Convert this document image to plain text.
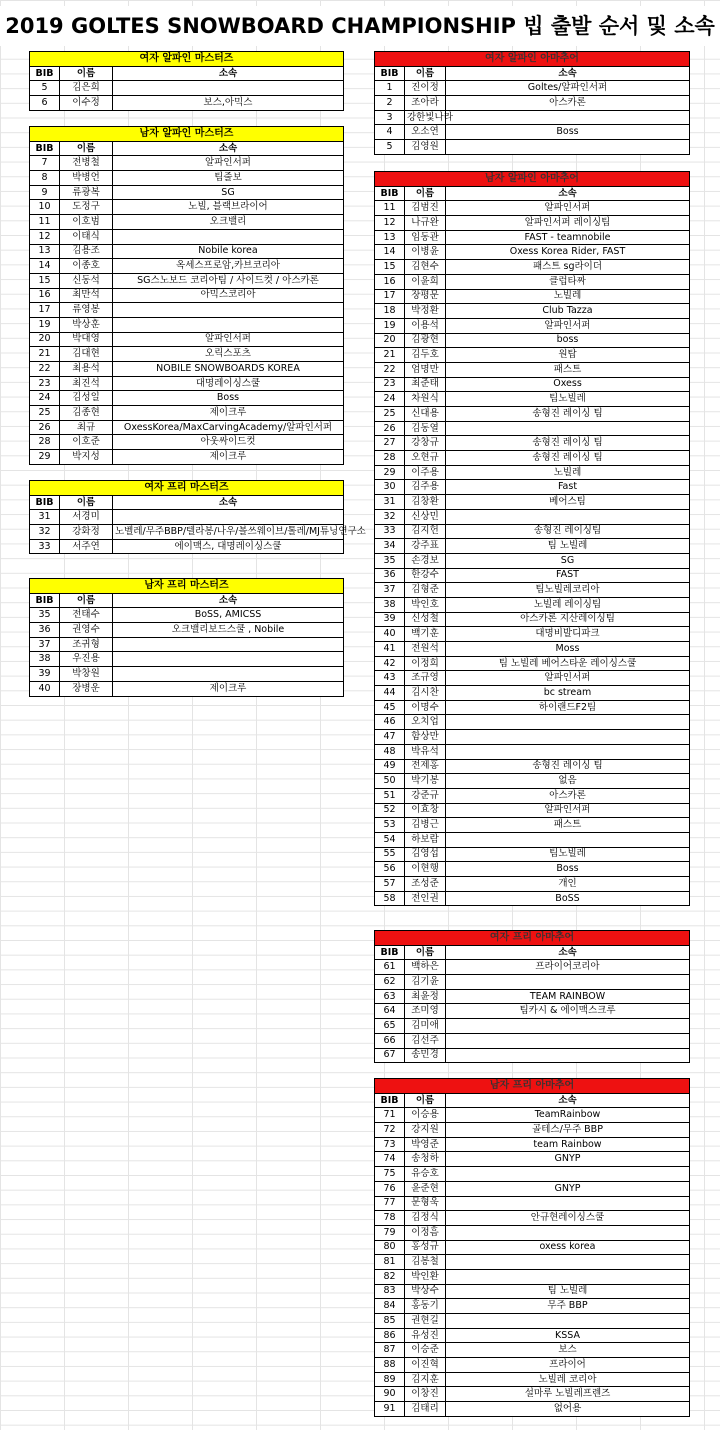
2019 GOLTES SNOWBOARD CHAMPIONSHIP 빕 출발 순서 및 소속
여자 알파인 마스터즈		
BIB	이름	소속
5	김은희	
6	이수정	보스,아믹스
남자 알파인 마스터즈		
BIB	이름	소속
7	전병철	알파인서퍼
8	박병언	팀줄보
9	류광복	SG
10	도정구	노빌, 블랙브라이어
11	이호범	오크밸리
12	이태식	
13	김용조	Nobile korea
14	이종호	옥세스프로암,카브코리아
15	신동석	SG스노보드 코리아팀 / 사이드컷 / 아스카론
16	최만석	아믹스코리아
17	류영봉	
19	박상훈	
20	박대영	알파인서퍼
21	김대현	오릭스포츠
22	최용석	NOBILE SNOWBOARDS KOREA
23	최진석	대명레이싱스쿨
24	김성일	Boss
25	김종현	제이크루
26	최규	OxessKorea/MaxCarvingAcademy/알파인서퍼
28	이호준	아웃싸이드컷
29	박지성	제이크루
여자 프리 마스터즈		
BIB	이름	소속
31	서경미	
32	강화정	노벨레/무주BBP/텔라봉/나우/볼쓰웨이브/톨레/MJ튜닝연구소
33	서주연	에이맥스, 대명레이싱스쿨
남자 프리 마스터즈		
BIB	이름	소속
35	전태수	BoSS, AMICSS
36	권영수	오크밸리보드스쿨 , Nobile
37	조귀형	
38	우진용	
39	박창원	
40	장병운	제이크루
여자 알파인 아마추어		
BIB	이름	소속
1	진이정	Goltes/알파인서퍼
2	조아라	아스카론
3	강한빛나라	
4	오소연	Boss
5	김영원	
남자 알파인 아마추어		
BIB	이름	소속
11	김범진	알파인서퍼
12	나규완	알파인서퍼 레이싱팀
13	임동관	FAST - teamnobile
14	이병윤	Oxess Korea Rider, FAST
15	김현수	패스트 sg라이더
16	이윤희	클럽타짜
17	장평문	노빌레
18	박정환	Club Tazza
19	이용석	알파인서퍼
20	김광현	boss
21	김두호	원탑
22	엄명만	패스트
23	최준태	Oxess
24	차원식	팀노빌레
25	신대용	송형진 레이싱 팀
26	김동열	
27	강창규	송형진 레이싱 팀
28	오현규	송형진 레이싱 팀
29	이주용	노빌레
30	김주용	Fast
31	김창환	베어스팀
32	신상민	
33	김지헌	송형진 레이싱팀
34	강주표	팀 노빌레
35	손경보	SG
36	한강수	FAST
37	김형준	팀노빌레코리아
38	박인호	노빌레 레이싱팀
39	신성철	아스카론 지산레이싱팀
40	백기훈	대명비발디파크
41	전원석	Moss
42	이정희	팀 노빌레 베어스타운 레이싱스쿨
43	조규영	알파인서퍼
44	김시찬	bc stream
45	이명수	하이랜드F2팀
46	오치업	
47	함상만	
48	박유석	
49	전제홍	송형진 레이싱 팀
50	박기봉	없음
51	강준규	아스카론
52	이효창	알파인서퍼
53	김병근	패스트
54	하보람	
55	김영섭	팀노빌레
56	이현행	Boss
57	조성준	개인
58	전인권	BoSS
여자 프리 아마추어		
BIB	이름	소속
61	백하은	프라이어코리아
62	김기윤	
63	최윤정	TEAM RAINBOW
64	조미영	팀카시 & 에이맥스크루
65	김미애	
66	김선주	
67	송민경	
남자 프리 아마추어		
BIB	이름	소속
71	이승용	TeamRainbow
72	강지원	골테스/무주 BBP
73	박영준	team Rainbow
74	송청하	GNYP
75	유승호	
76	윤준현	GNYP
77	문형욱	
78	김정식	안규현레이싱스쿨
79	이정흠	
80	홍성규	oxess korea
81	김봉철	
82	박인환	
83	박상수	팀 노빌레
84	홍동기	무주 BBP
85	권현길	
86	유성진	KSSA
87	이승준	보스
88	이진혁	프라이어
89	김지훈	노빌레 코리아
90	이창진	설마루 노빌레프렌즈
91	김태리	없어용
